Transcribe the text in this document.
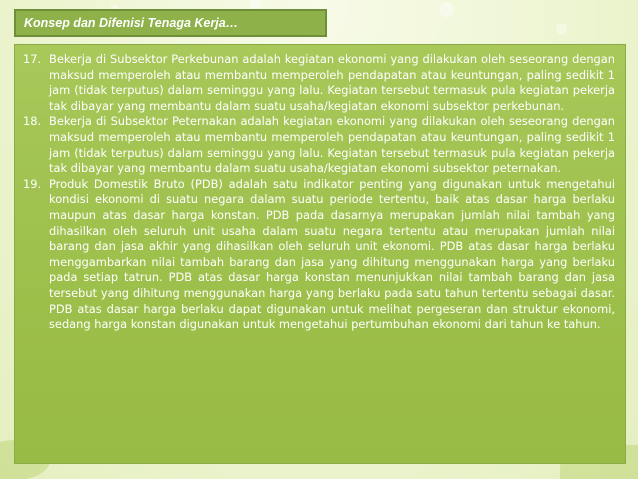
Konsep dan Difenisi Tenaga Kerja…
17. Bekerja di Subsektor Perkebunan adalah kegiatan ekonomi yang dilakukan oleh seseorang dengan maksud memperoleh atau membantu memperoleh pendapatan atau keuntungan, paling sedikit 1 jam (tidak terputus) dalam seminggu yang lalu. Kegiatan tersebut termasuk pula kegiatan pekerja tak dibayar yang membantu dalam suatu usaha/kegiatan ekonomi subsektor perkebunan.
18. Bekerja di Subsektor Peternakan adalah kegiatan ekonomi yang dilakukan oleh seseorang dengan maksud memperoleh atau membantu memperoleh pendapatan atau keuntungan, paling sedikit 1 jam (tidak terputus) dalam seminggu yang lalu. Kegiatan tersebut termasuk pula kegiatan pekerja tak dibayar yang membantu dalam suatu usaha/kegiatan ekonomi subsektor peternakan.
19. Produk Domestik Bruto (PDB) adalah satu indikator penting yang digunakan untuk mengetahui kondisi ekonomi di suatu negara dalam suatu periode tertentu, baik atas dasar harga berlaku maupun atas dasar harga konstan. PDB pada dasarnya merupakan jumlah nilai tambah yang dihasilkan oleh seluruh unit usaha dalam suatu negara tertentu atau merupakan jumlah nilai barang dan jasa akhir yang dihasilkan oleh seluruh unit ekonomi. PDB atas dasar harga berlaku menggambarkan nilai tambah barang dan jasa yang dihitung menggunakan harga yang berlaku pada setiap tatrun. PDB atas dasar harga konstan menunjukkan nilai tambah barang dan jasa tersebut yang dihitung menggunakan harga yang berlaku pada satu tahun tertentu sebagai dasar. PDB atas dasar harga berlaku dapat digunakan untuk melihat pergeseran dan struktur ekonomi, sedang harga konstan digunakan untuk mengetahui pertumbuhan ekonomi dari tahun ke tahun.
